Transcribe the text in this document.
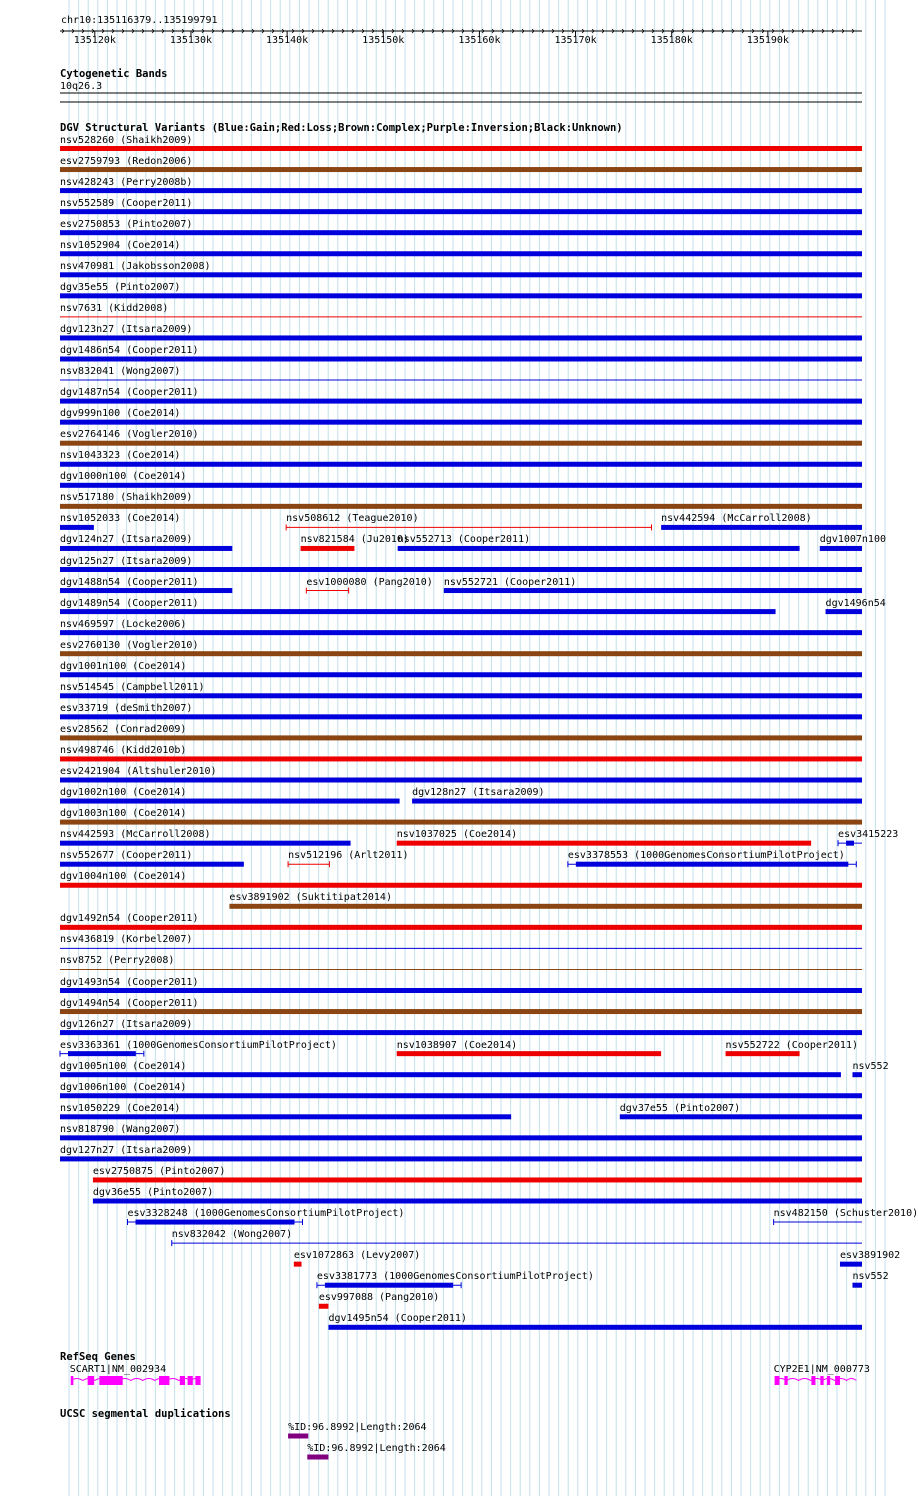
chr10:135116379..135199791
135120k	135130k	135140k	135150k	135160k	135170k	135180k	135190k
Cytogenetic Bands
10q26.3
DGV Structural Variants (Blue:Gain;Red:Loss;Brown:Complex;Purple:Inversion;Black:Unknown)
nsv528260 (Shaikh2009)
esv2759793 (Redon2006)
nsv428243 (Perry2008b)
nsv552589 (Cooper2011)
esv2750853 (Pinto2007)
nsv1052904 (Coe2014)
nsv470981 (Jakobsson2008)
dgv35e55 (Pinto2007)
nsv7631 (Kidd2008)
dgv123n27 (Itsara2009)
dgv1486n54 (Cooper2011)
nsv832041 (Wong2007)
dgv1487n54 (Cooper2011)
dgv999n100 (Coe2014)
esv2764146 (Vogler2010)
nsv1043323 (Coe2014)
dgv1000n100 (Coe2014)
nsv517180 (Shaikh2009)
nsv1052033 (Coe2014)	nsv508612 (Teague2010)	nsv442594 (McCarroll2008)
dgv124n27 (Itsara2009)	nsv821584 (Ju2010)
nsv552713 (Cooper2011)	dgv1007n100
dgv125n27 (Itsara2009)
dgv1488n54 (Cooper2011)	esv1000080 (Pang2010) nsv552721 (Cooper2011)
dgv1489n54 (Cooper2011)	dgv1496n54
nsv469597 (Locke2006)
esv2760130 (Vogler2010)
dgv1001n100 (Coe2014)
nsv514545 (Campbell2011)
esv33719 (deSmith2007)
esv28562 (Conrad2009)
nsv498746 (Kidd2010b)
esv2421904 (Altshuler2010)
dgv1002n100 (Coe2014)	dgv128n27 (Itsara2009)
dgv1003n100 (Coe2014)
nsv442593 (McCarroll2008)	nsv1037025 (Coe2014)	esv3415223
nsv552677 (Cooper2011)	nsv512196 (Arlt2011)	esv3378553 (1000GenomesConsortiumPilotProject)
dgv1004n100 (Coe2014)
esv3891902 (Suktitipat2014)
dgv1492n54 (Cooper2011)
nsv436819 (Korbel2007)
nsv8752 (Perry2008)
dgv1493n54 (Cooper2011)
dgv1494n54 (Cooper2011)
dgv126n27 (Itsara2009)
esv3363361 (1000GenomesConsortiumPilotProject)	nsv1038907 (Coe2014)	nsv552722 (Cooper2011)
dgv1005n100 (Coe2014)	nsv552
dgv1006n100 (Coe2014)
nsv1050229 (Coe2014)	dgv37e55 (Pinto2007)
nsv818790 (Wang2007)
dgv127n27 (Itsara2009)
esv2750875 (Pinto2007)
dgv36e55 (Pinto2007)
esv3328248 (1000GenomesConsortiumPilotProject)	nsv482150 (Schuster2010)
nsv832042 (Wong2007)
esv1072863 (Levy2007)	esv3891902
esv3381773 (1000GenomesConsortiumPilotProject)	nsv552
esv997088 (Pang2010)
dgv1495n54 (Cooper2011)
RefSeq Genes
SCART1|NM_002934	CYP2E1|NM_000773
UCSC segmental duplications
%ID:96.8992|Length:2064
%ID:96.8992|Length:2064
